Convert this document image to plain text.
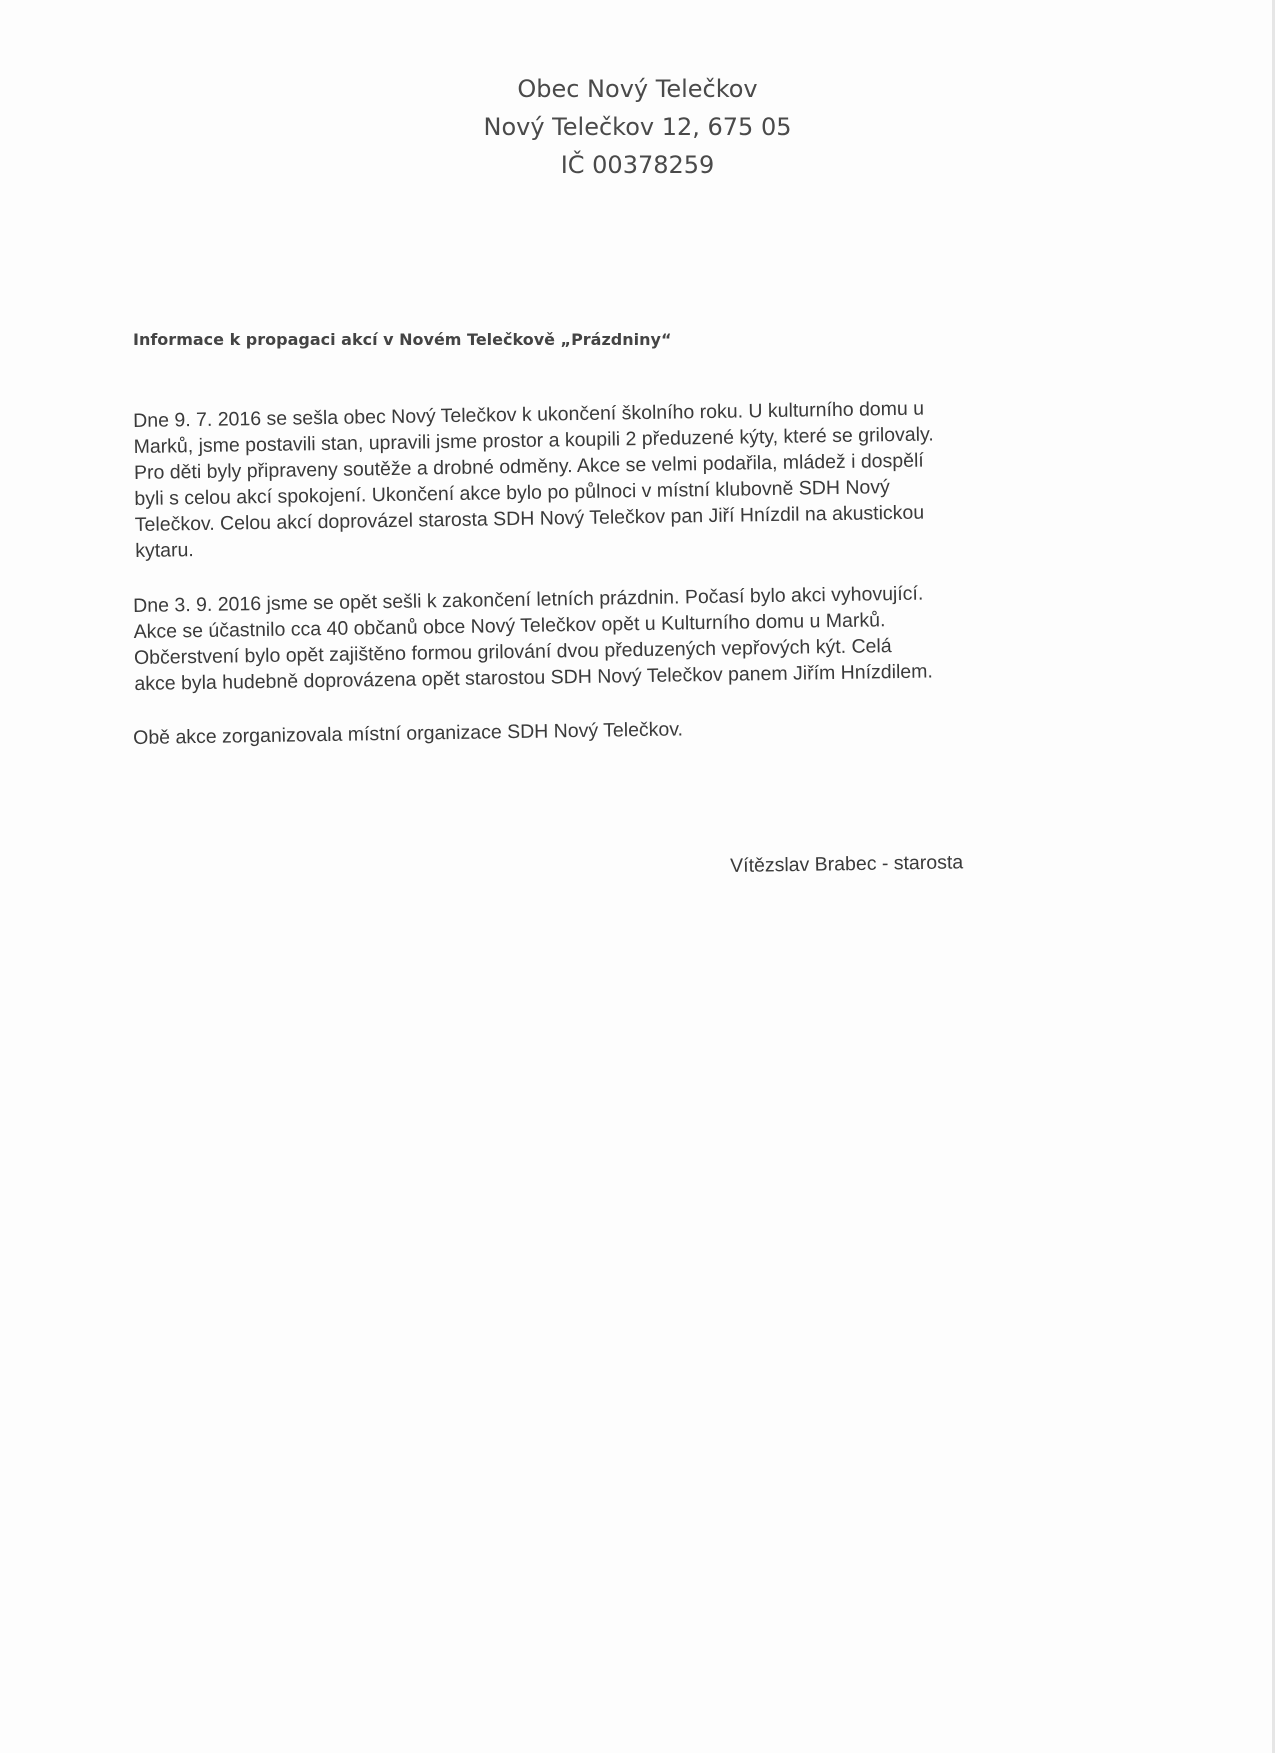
Obec Nový Telečkov
Nový Telečkov 12, 675 05
IČ 00378259
Informace k propagaci akcí v Novém Telečkově „Prázdniny“
Dne 9. 7. 2016 se sešla obec Nový Telečkov k ukončení školního roku. U kulturního domu u
Marků, jsme postavili stan, upravili jsme prostor a koupili 2 předuzené kýty, které se grilovaly.
Pro děti byly připraveny soutěže a drobné odměny. Akce se velmi podařila, mládež i dospělí
byli s celou akcí spokojení. Ukončení akce bylo po půlnoci v místní klubovně SDH Nový
Telečkov. Celou akcí doprovázel starosta SDH Nový Telečkov pan Jiří Hnízdil na akustickou
kytaru.
Dne 3. 9. 2016 jsme se opět sešli k zakončení letních prázdnin. Počasí bylo akci vyhovující.
Akce se účastnilo cca 40 občanů obce Nový Telečkov opět u Kulturního domu u Marků.
Občerstvení bylo opět zajištěno formou grilování dvou předuzených vepřových kýt. Celá
akce byla hudebně doprovázena opět starostou SDH Nový Telečkov panem Jiřím Hnízdilem.
Obě akce zorganizovala místní organizace SDH Nový Telečkov.
Vítězslav Brabec - starosta
